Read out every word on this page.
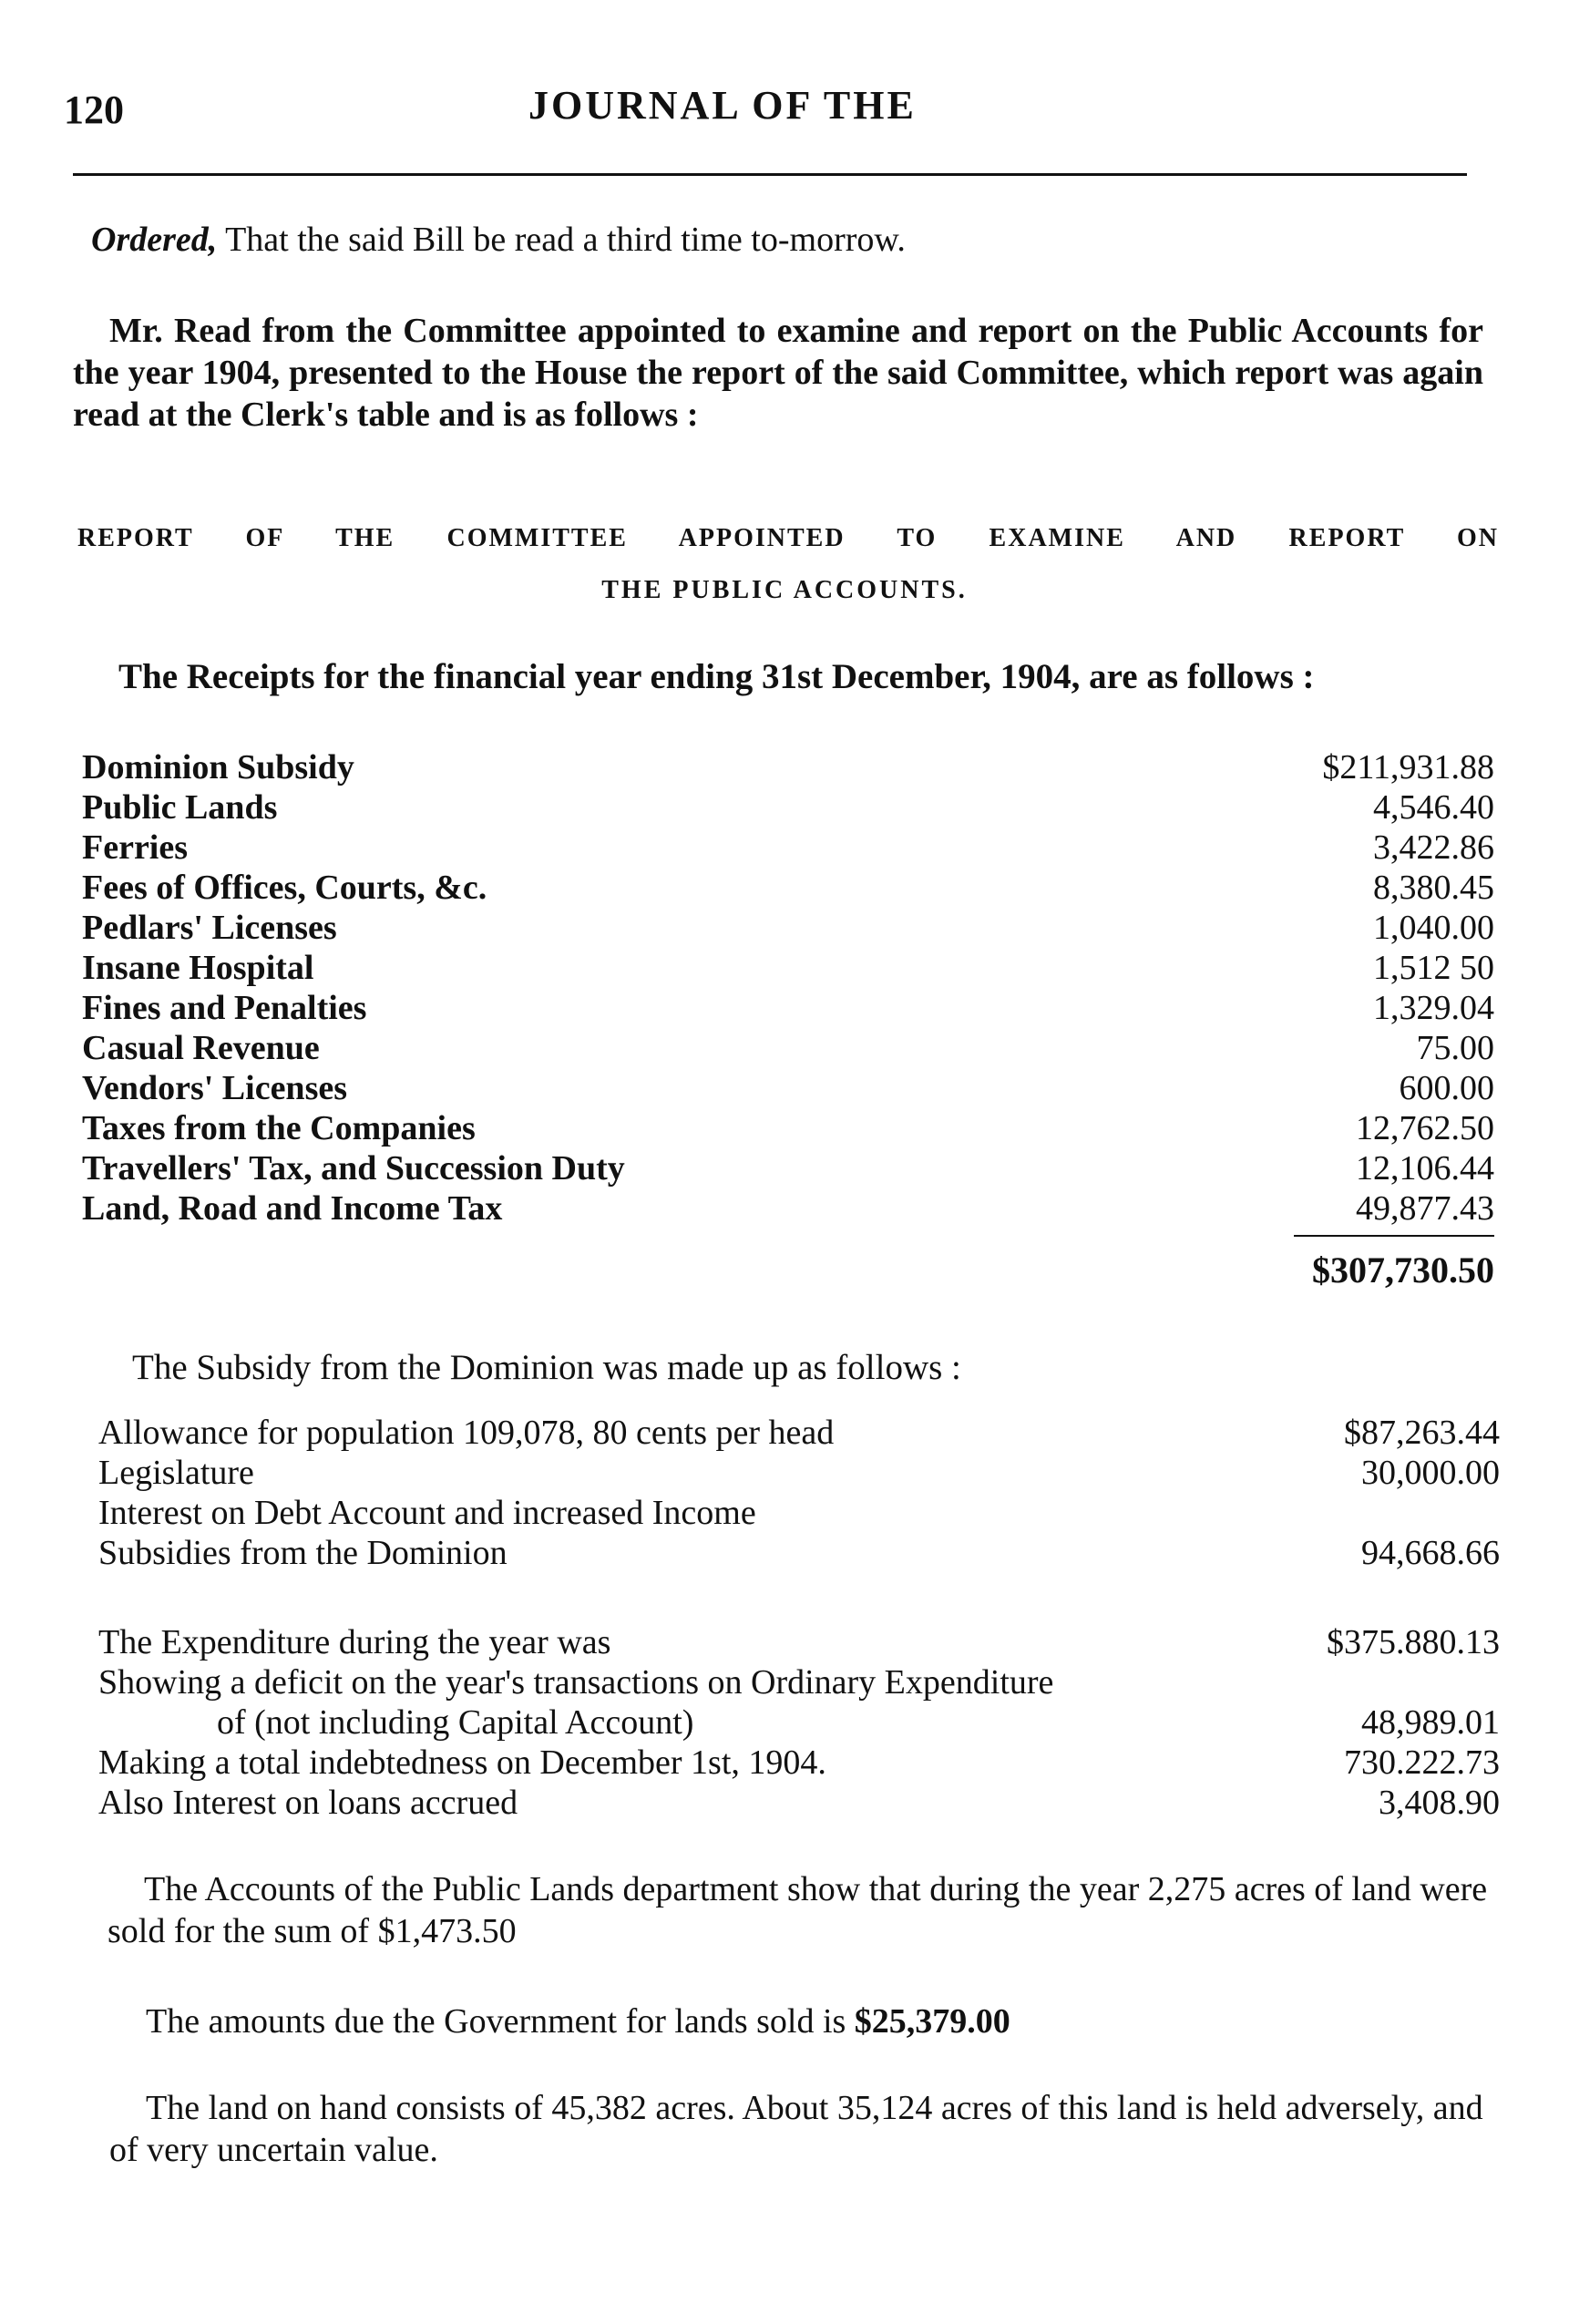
120	JOURNAL OF THE
Ordered, That the said Bill be read a third time to-morrow.
Mr. Read from the Committee appointed to examine and report on the Public Accounts for the year 1904, presented to the House the report of the said Committee, which report was again read at the Clerk's table and is as follows :
REPORT OF THE COMMITTEE APPOINTED TO EXAMINE AND REPORT ON
THE PUBLIC ACCOUNTS.
The Receipts for the financial year ending 31st December, 1904, are as follows :
Dominion Subsidy	$211,931.88
Public Lands	4,546.40
Ferries	3,422.86
Fees of Offices, Courts, &c.	8,380.45
Pedlars' Licenses	1,040.00
Insane Hospital	1,512 50
Fines and Penalties	1,329.04
Casual Revenue	75.00
Vendors' Licenses	600.00
Taxes from the Companies	12,762.50
Travellers' Tax, and Succession Duty	12,106.44
Land, Road and Income Tax	49,877.43
$307,730.50
The Subsidy from the Dominion was made up as follows :
Allowance for population 109,078, 80 cents per head	$87,263.44
Legislature	30,000.00
Interest on Debt Account and increased Income
Subsidies from the Dominion	94,668.66
The Expenditure during the year was	$375.880.13
Showing a deficit on the year's transactions on Ordinary Expenditure
of (not including Capital Account)	48,989.01
Making a total indebtedness on December 1st, 1904.	730.222.73
Also Interest on loans accrued	3,408.90
The Accounts of the Public Lands department show that during the year 2,275 acres of land were sold for the sum of $1,473.50
The amounts due the Government for lands sold is $25,379.00
The land on hand consists of 45,382 acres. About 35,124 acres of this land is held adversely, and of very uncertain value.
